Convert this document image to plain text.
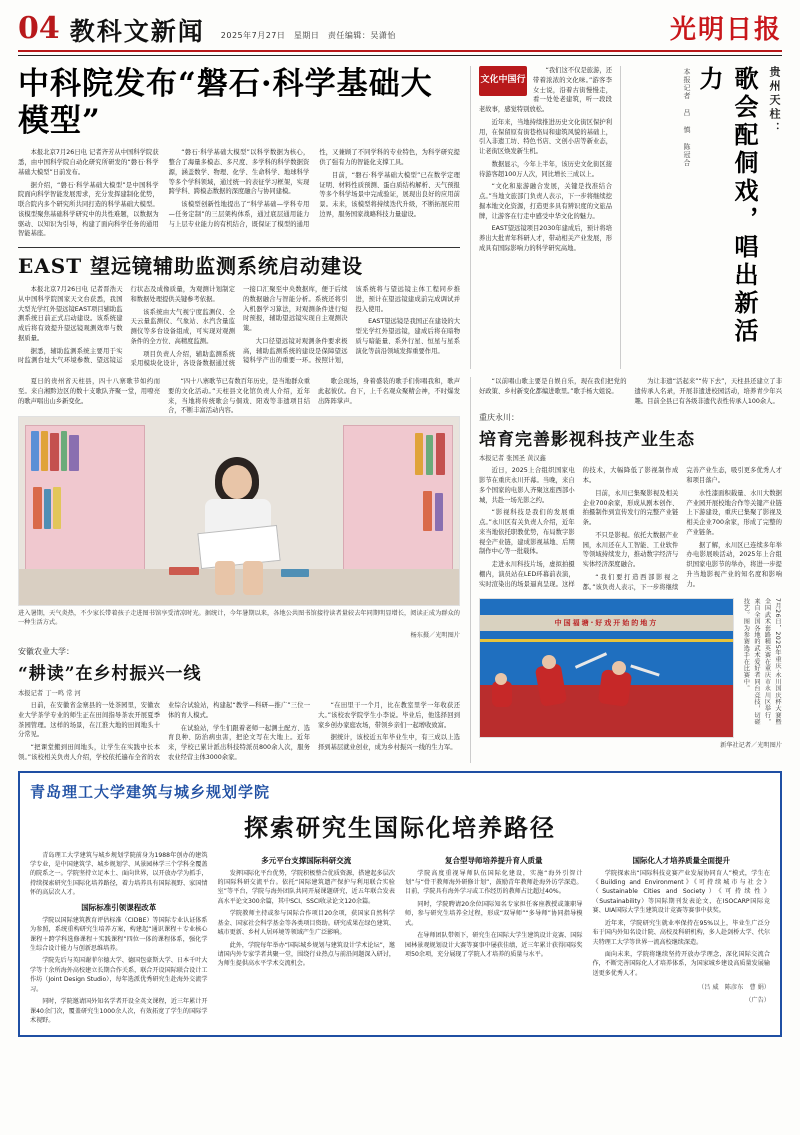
04 教科文新闻 2025年7月27日　星期日　责任编辑：吴潇怡	光明日报
中科院发布“磐石·科学基础大模型”

本报北京7月26日电 记者齐芳从中国科学院获悉，由中国科学院自动化研究所研发的“磐石·科学基础大模型”日前发布。

据介绍，“磐石·科学基础大模型”是中国科学院面向科学智能发展需求，充分发挥建制化优势，联合院内多个研究所共同打造的科学基础大模型。该模型聚焦基础科学研究中的共性难题，以数据为驱动、以知识为引导，构建了面向科学任务的通用智能基座。

“磐石·科学基础大模型”以科学数据为核心，整合了海量多模态、多尺度、多学科的科学数据资源，涵盖数学、物理、化学、生命科学、地球科学等多个学科领域，通过统一的表征学习框架，实现跨学科、跨模态数据的深度融合与协同建模。

该模型创新性地提出了“科学基础—学科专用—任务定制”的三层架构体系，通过底层通用能力与上层专业能力的有机结合，既保证了模型的通用性，又兼顾了不同学科的专业特色，为科学研究提供了强有力的智能化支撑工具。

目前，“磐石·科学基础大模型”已在数学定理证明、材料性质预测、蛋白质结构解析、天气预报等多个科学场景中完成验证，展现出良好的应用前景。未来，该模型将持续迭代升级，不断拓展应用边界，服务国家战略科技力量建设。

EAST 望远镜辅助监测系统启动建设

本报北京7月26日电 记者晋浩天从中国科学院国家天文台获悉，我国大型光学红外望远镜EAST项目辅助监测系统日前正式启动建设。该系统建成后将有效提升望远镜观测效率与数据质量。

据悉，辅助监测系统主要用于实时监测台址大气环境参数、望远镜运行状态及成像质量，为观测计划制定和数据处理提供关键参考依据。

该系统由大气视宁度监测仪、全天云量监测仪、气象站、水汽含量监测仪等多台设备组成，可实现对观测条件的全方位、高精度监测。

项目负责人介绍，辅助监测系统采用模块化设计，各设备数据通过统一接口汇聚至中央数据库，便于后续的数据融合与智能分析。系统还将引入机器学习算法，对观测条件进行短时预报，辅助望远镜实现自主观测决策。

大口径望远镜对观测条件要求极高，辅助监测系统的建设是保障望远镜科学产出的重要一环。按照计划，该系统将与望远镜主体工程同步推进，预计在望远镜建成前完成调试并投入使用。

EAST望远镜是我国正在建设的大型光学红外望远镜，建成后将在暗物质与暗能量、系外行星、恒星与星系演化等前沿领域发挥重要作用。

文化中国行

“我们这不仅是旅游，还带着浓浓的文化味。”游客李女士说，沿着古街慢慢走，看一处处老建筑，听一段段老故事，感觉特别放松。

近年来，当地持续推进历史文化街区保护利用，在保留原有街巷格局和建筑风貌的基础上，引入非遗工坊、特色书店、文创小店等新业态，让老街区焕发新生机。

数据显示，今年上半年，该历史文化街区接待游客超100万人次，同比增长三成以上。

“文化和旅游融合发展，关键是找准结合点。”当地文旅部门负责人表示，下一步将继续挖掘本地文化资源，打造更多具有辨识度的文旅品牌，让游客在行走中感受中华文化的魅力。

EAST望远镜项目2030年建成后，预计将培养出大批青年科研人才，带动相关产业发展，形成具有国际影响力的科学研究高地。

贵州天柱：
歌会配侗戏，唱出新活力
本报记者 吕 慎 陈冠合

夏日的贵州省天柱县，四十八寨歌节如约而至。来自湘黔边区的数十支歌队齐聚一堂，用嘹亮的歌声唱出山乡新变化。

“四十八寨歌节已有数百年历史，是当地群众重要的文化活动。”天柱县文化馆负责人介绍，近年来，当地将传统歌会与侗戏、阳戏等非遗项目结合，不断丰富活动内容。

歌会现场，身着盛装的歌手们你唱我和，歌声此起彼伏。台下，上千名观众聚精会神，不时爆发出阵阵掌声。

进入暑期，天气炎热，不少家长带着孩子走进图书馆享受清凉时光。据统计，今年暑期以来，各地公共图书馆接待读者量较去年同期明显增长，阅读正成为群众的一种生活方式。
杨东摄／光明图片
安徽农业大学：
“耕读”在乡村振兴一线
本报记者 丁一鸣 常 河

日前，在安徽省金寨县的一处茶园里，安徽农业大学茶学专业的师生正在田间指导茶农开展夏季茶园管理。这样的场景，在江淮大地的田间地头十分常见。

“把课堂搬到田间地头，让学生在实践中长本领。”该校相关负责人介绍，学校依托遍布全省的农业综合试验站，构建起“教学—科研—推广”三位一体的育人模式。

在试验站，学生们跟着老师一起测土配方、选育良种、防治病虫害，把论文写在大地上。近年来，学校已累计派出科技特派员800余人次，服务农业经营主体3000余家。

“在田里干一个月，比在教室里学一年收获还大。”该校农学院学生小李说。毕业后，他选择回到家乡创办家庭农场，带领乡亲们一起增收致富。

据统计，该校近五年毕业生中，有三成以上选择到基层就业创业，成为乡村振兴一线的生力军。

“以前唱山歌主要是自娱自乐，现在我们把党的好政策、乡村新变化都编进歌里。”歌手杨大姐说。

为让非遗“活起来”“传下去”，天柱县还建立了非遗传承人名录，开展非遗进校园活动，培养青少年兴趣。目前全县已有各级非遗代表性传承人100余人。

重庆永川：
培育完善影视科技产业生态
本报记者 张国圣 黄汉鑫

近日，2025上合组织国家电影节在重庆永川开幕。当晚，来自多个国家的电影人齐聚这座西部小城，共赴一场光影之约。

“影视科技是我们的发展重点。”永川区有关负责人介绍，近年来当地依托职教优势，布局数字影视全产业链，建成影视基地、后期制作中心等一批载体。

走进永川科技片场，虚拟拍摄棚内，演员站在LED环幕前表演，实时渲染出的场景逼真呈现。这样的技术，大幅降低了影视制作成本。

目前，永川已集聚影视及相关企业700余家，形成从剧本创作、拍摄制作到宣传发行的完整产业链条。

不只是影视。依托大数据产业园，永川还在人工智能、工业软件等领域持续发力，推动数字经济与实体经济深度融合。

“我们要打造西部影视之都。”该负责人表示，下一步将继续完善产业生态，吸引更多优秀人才和项目落户。

水性漆面积载量、水川大数据产业园开展校地合作等关键产业链上下游建设，重庆已集聚了影视及相关企业700余家，形成了完整的产业链条。

据了解，永川区已连续多年举办电影展映活动，2025年上合组织国家电影节的举办，将进一步提升当地影视产业的知名度和影响力。

中国福塘·好戏开始的地方	7月26日，2025年重庆·永川国庆杯大赛暨全国武术套路精英赛在重庆市永川区举行，来自全国各地的武术爱好者同台竞技，切磋技艺。图为参赛选手在比赛中。
新华社记者／光明图片
青岛理工大学建筑与城乡规划学院
探索研究生国际化培养路径

青岛理工大学建筑与城乡规划学院前身为1988年创办的建筑学专业，是中国建筑学、城乡规划学、风景园林学三个学科全覆盖的院系之一。学院坚持立足本土、面向世界，以开放办学为抓手，持续探索研究生国际化培养路径，着力培养具有国际视野、家国情怀的高层次人才。

国际标准引领课程改革

学院以国际建筑教育评估标准（CIDBE）等国际专业认证体系为参照，系统重构研究生培养方案，构建起“通识课程＋专业核心课程＋跨学科选修课程＋实践课程”四位一体的课程体系，强化学生综合设计能力与创新思维培养。

学院先后与英国谢菲尔德大学、德国包豪斯大学、日本千叶大学等十余所海外高校建立长期合作关系，联合开设国际联合设计工作坊（Joint Design Studio），每年选派优秀研究生赴海外交流学习。

同时，学院邀请国外知名学者开设全英文课程，近三年累计开课40余门次，覆盖研究生1000余人次，有效拓宽了学生的国际学术视野。

多元平台支撑国际科研交流

发挥国际化平台优势，学院积极整合优质资源，搭建起多层次的国际科研交流平台。依托“国际建筑遗产保护与利用联合实验室”等平台，学院与海外团队共同开展课题研究，近五年联合发表高水平论文300余篇，其中SCI、SSCI收录论文120余篇。

学院教师主持或参与国际合作项目20余项，获国家自然科学基金、国家社会科学基金等各类项目资助。研究成果在绿色建筑、城市更新、乡村人居环境等领域产生广泛影响。

此外，学院每年举办“国际城乡规划与建筑设计学术论坛”，邀请国内外专家学者共聚一堂，围绕行业热点与前沿问题深入研讨，为师生提供高水平学术交流机会。

复合型导师培养提升育人质量

学院高度重视导师队伍国际化建设，实施“海外引智计划”与“骨干教师海外研修计划”，鼓励青年教师赴海外访学深造。目前，学院具有海外学习或工作经历的教师占比超过40%。

同时，学院聘请20余位国际知名专家担任客座教授或兼职导师，参与研究生培养全过程，形成“双导师”“多导师”协同指导模式。

在导师团队带领下，研究生在国际大学生建筑设计竞赛、国际园林景观规划设计大赛等赛事中屡获佳绩，近三年累计获得国际奖项50余项，充分展现了学院人才培养的质量与水平。

国际化人才培养质量全面提升

学院探索出“国际科技竞赛产业发展协同育人”模式，学生在《Building and Environment》《可持续城市与社会》（Sustainable Cities and Society）《可持续性》（Sustainability）等国际期刊发表论文，在ISOCARP国际竞赛、UIA国际大学生建筑设计竞赛等赛事中获奖。

近年来，学院研究生就业率保持在95%以上，毕业生广泛分布于国内外知名设计院、高校及科研机构，多人赴剑桥大学、代尔夫特理工大学等世界一流高校继续深造。

面向未来，学院将继续坚持开放办学理念，深化国际交流合作，不断完善国际化人才培养体系，为国家城乡建设高质量发展输送更多优秀人才。

（吕 威　陈彦东　曹 娟）
（广告）
